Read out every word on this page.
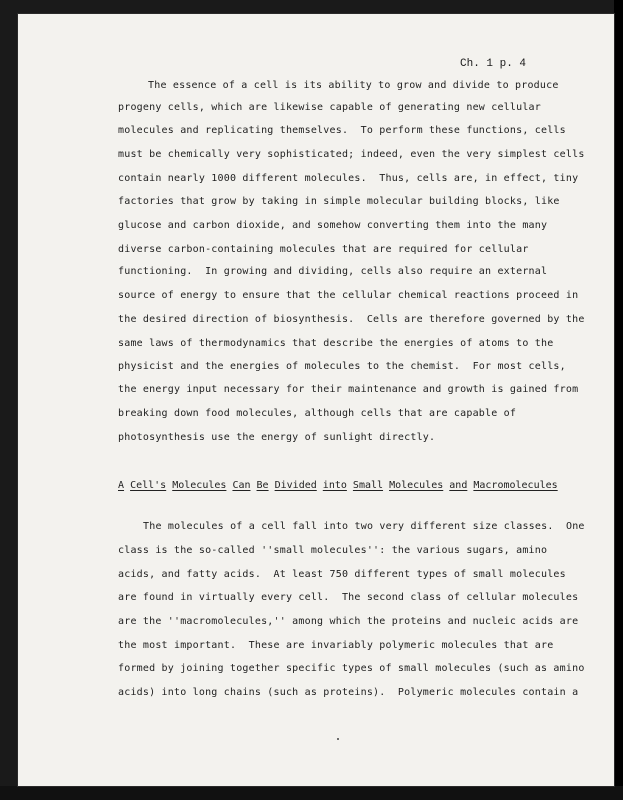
Ch. 1 p. 4
The essence of a cell is its ability to grow and divide to produce
progeny cells, which are likewise capable of generating new cellular
molecules and replicating themselves.  To perform these functions, cells
must be chemically very sophisticated; indeed, even the very simplest cells
contain nearly 1000 different molecules.  Thus, cells are, in effect, tiny
factories that grow by taking in simple molecular building blocks, like
glucose and carbon dioxide, and somehow converting them into the many
diverse carbon-containing molecules that are required for cellular
functioning.  In growing and dividing, cells also require an external
source of energy to ensure that the cellular chemical reactions proceed in
the desired direction of biosynthesis.  Cells are therefore governed by the
same laws of thermodynamics that describe the energies of atoms to the
physicist and the energies of molecules to the chemist.  For most cells,
the energy input necessary for their maintenance and growth is gained from
breaking down food molecules, although cells that are capable of
photosynthesis use the energy of sunlight directly.
A Cell's Molecules Can Be Divided into Small Molecules and Macromolecules
The molecules of a cell fall into two very different size classes.  One
class is the so-called ''small molecules'': the various sugars, amino
acids, and fatty acids.  At least 750 different types of small molecules
are found in virtually every cell.  The second class of cellular molecules
are the ''macromolecules,'' among which the proteins and nucleic acids are
the most important.  These are invariably polymeric molecules that are
formed by joining together specific types of small molecules (such as amino
acids) into long chains (such as proteins).  Polymeric molecules contain a
